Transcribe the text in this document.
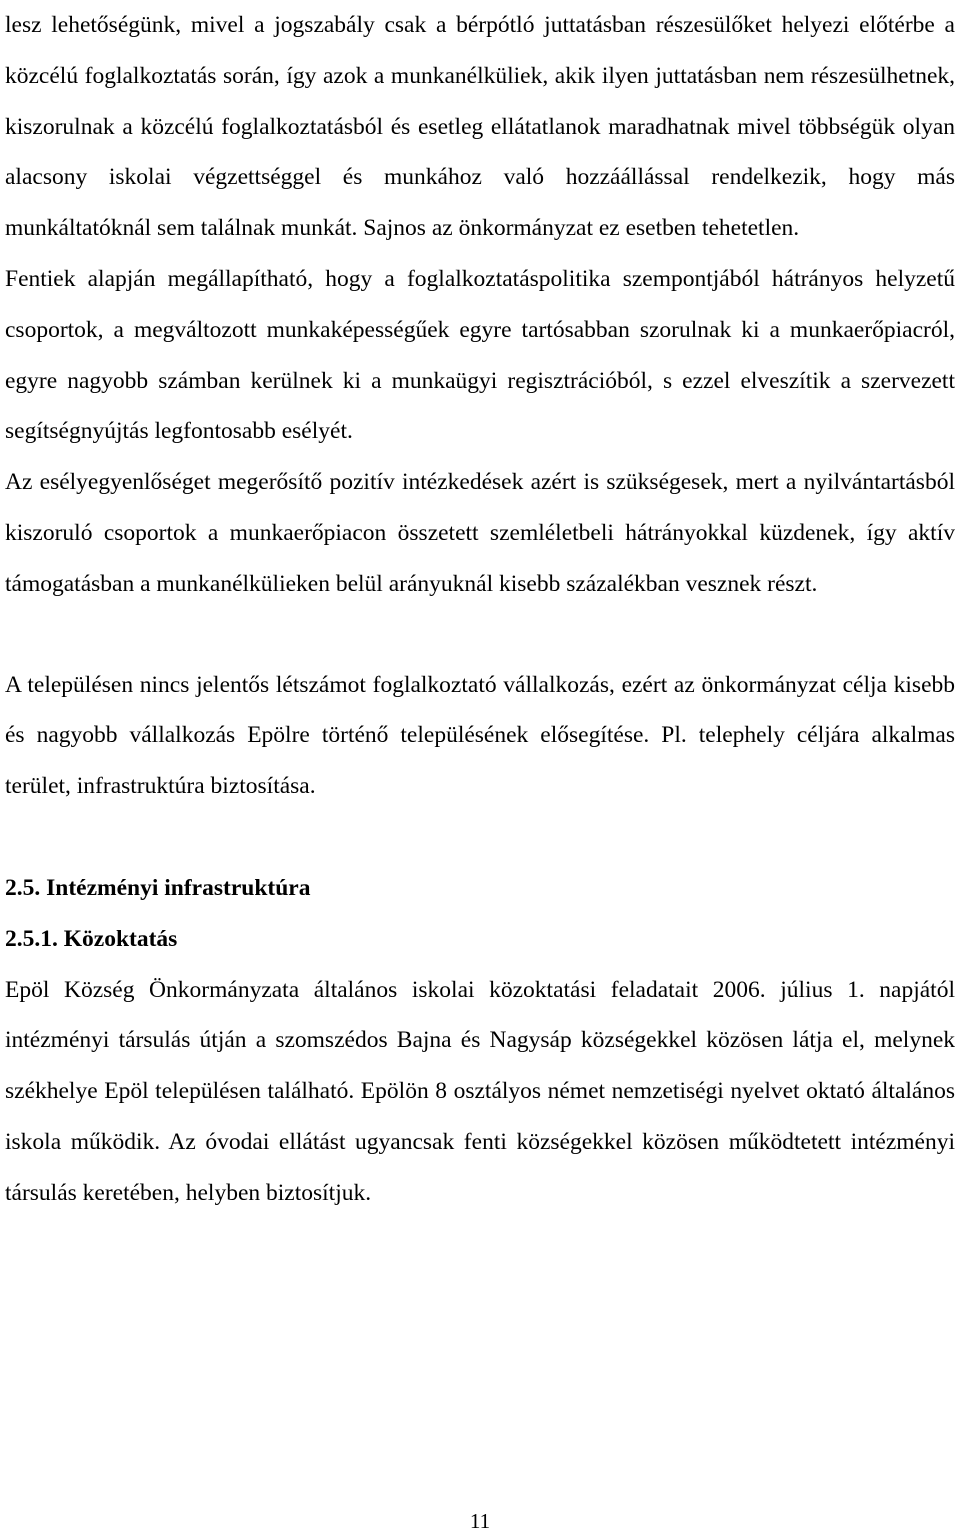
lesz lehetőségünk, mivel a jogszabály csak a bérpótló juttatásban részesülőket helyezi előtérbe a közcélú foglalkoztatás során, így azok a munkanélküliek, akik ilyen juttatásban nem részesülhetnek, kiszorulnak a közcélú foglalkoztatásból és esetleg ellátatlanok maradhatnak mivel többségük olyan alacsony iskolai végzettséggel és munkához való hozzáállással rendelkezik, hogy más munkáltatóknál sem találnak munkát. Sajnos az önkormányzat ez esetben tehetetlen.

Fentiek alapján megállapítható, hogy a foglalkoztatáspolitika szempontjából hátrányos helyzetű csoportok, a megváltozott munkaképességűek egyre tartósabban szorulnak ki a munkaerőpiacról, egyre nagyobb számban kerülnek ki a munkaügyi regisztrációból, s ezzel elveszítik a szervezett segítségnyújtás legfontosabb esélyét.

Az esélyegyenlőséget megerősítő pozitív intézkedések azért is szükségesek, mert a nyilvántartásból kiszoruló csoportok a munkaerőpiacon összetett szemléletbeli hátrányokkal küzdenek, így aktív támogatásban a munkanélkülieken belül arányuknál kisebb százalékban vesznek részt.

A településen nincs jelentős létszámot foglalkoztató vállalkozás, ezért az önkormányzat célja kisebb és nagyobb vállalkozás Epölre történő településének elősegítése. Pl. telephely céljára alkalmas terület, infrastruktúra biztosítása.

2.5. Intézményi infrastruktúra
2.5.1. Közoktatás

Epöl Község Önkormányzata általános iskolai közoktatási feladatait 2006. július 1. napjától intézményi társulás útján a szomszédos Bajna és Nagysáp községekkel közösen látja el, melynek székhelye Epöl településen található. Epölön 8 osztályos német nemzetiségi nyelvet oktató általános iskola működik. Az óvodai ellátást ugyancsak fenti községekkel közösen működtetett intézményi társulás keretében, helyben biztosítjuk.

11
